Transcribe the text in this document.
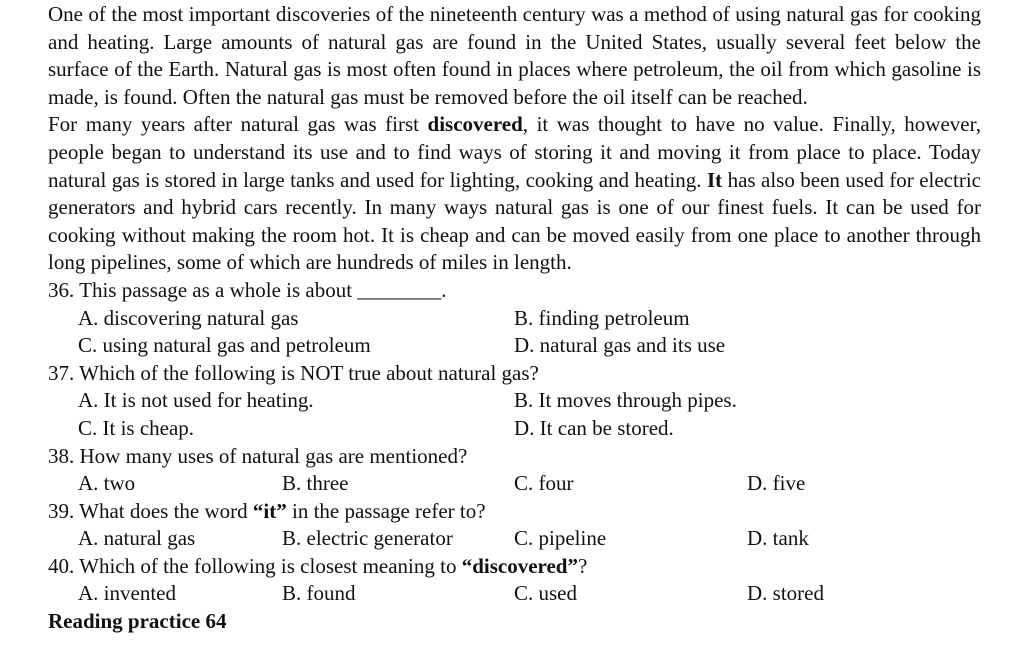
One of the most important discoveries of the nineteenth century was a method of using natural gas for cooking and heating. Large amounts of natural gas are found in the United States, usually several feet below the surface of the Earth. Natural gas is most often found in places where petroleum, the oil from which gasoline is made, is found. Often the natural gas must be removed before the oil itself can be reached.

For many years after natural gas was first discovered, it was thought to have no value. Finally, however, people began to understand its use and to find ways of storing it and moving it from place to place. Today natural gas is stored in large tanks and used for lighting, cooking and heating. It has also been used for electric generators and hybrid cars recently. In many ways natural gas is one of our finest fuels. It can be used for cooking without making the room hot. It is cheap and can be moved easily from one place to another through long pipelines, some of which are hundreds of miles in length.

36. This passage as a whole is about ________.

A. discovering natural gas	B. finding petroleum
C. using natural gas and petroleum	D. natural gas and its use

37. Which of the following is NOT true about natural gas?

A. It is not used for heating.	B. It moves through pipes.
C. It is cheap.	D. It can be stored.

38. How many uses of natural gas are mentioned?

A. two	B. three	C. four	D. five

39. What does the word “it” in the passage refer to?

A. natural gas	B. electric generator	C. pipeline	D. tank

40. Which of the following is closest meaning to “discovered”?

A. invented	B. found	C. used	D. stored

Reading practice 64
